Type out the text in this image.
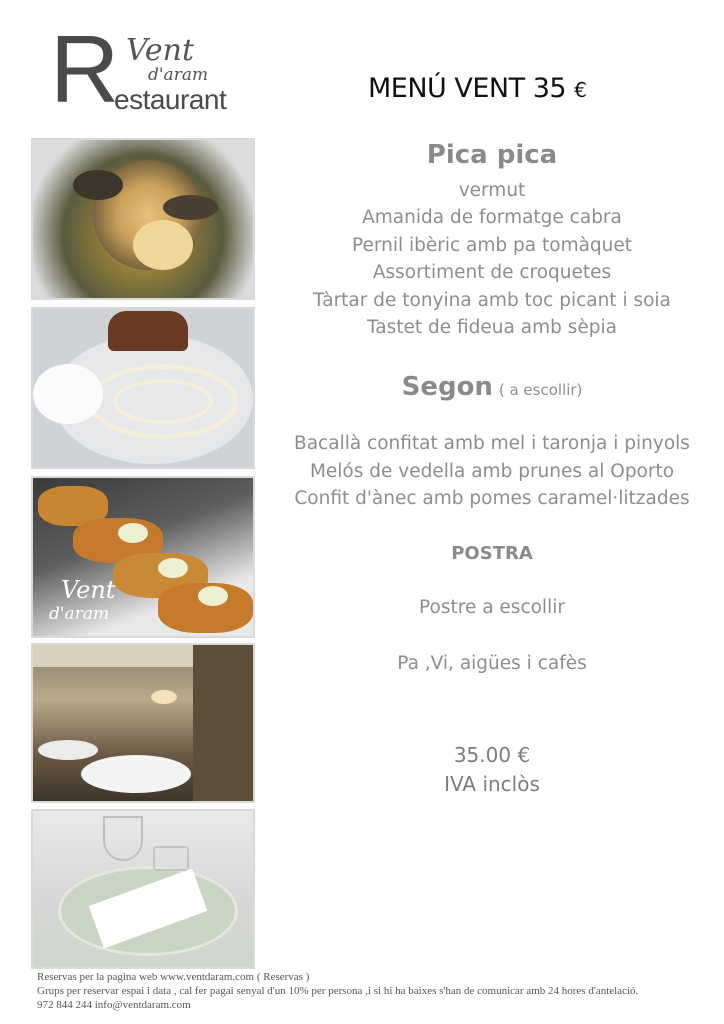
R Vent
d'aram
estaurant	MENÚ VENT 35 €
Vent
d'aram
Pica pica
vermut
Amanida de formatge cabra
Pernil ibèric amb pa tomàquet
Assortiment de croquetes
Tàrtar de tonyina amb toc picant i soia
Tastet de fideua amb sèpia
Segon ( a escollir)
Bacallà confitat amb mel i taronja i pinyols
Melós de vedella amb prunes al Oporto
Confit d'ànec amb pomes caramel·litzades
POSTRA
Postre a escollir
Pa ,Vi, aigües i cafès
35.00 €
IVA inclòs
Reservas per la pagina web www.ventdaram.com ( Reservas )
Grups per reservar espai i data , cal fer pagai senyal d'un 10% per persona ,i si hi ha baixes s'han de comunicar amb 24 hores d'antelació.
972 844 244 info@ventdaram.com
